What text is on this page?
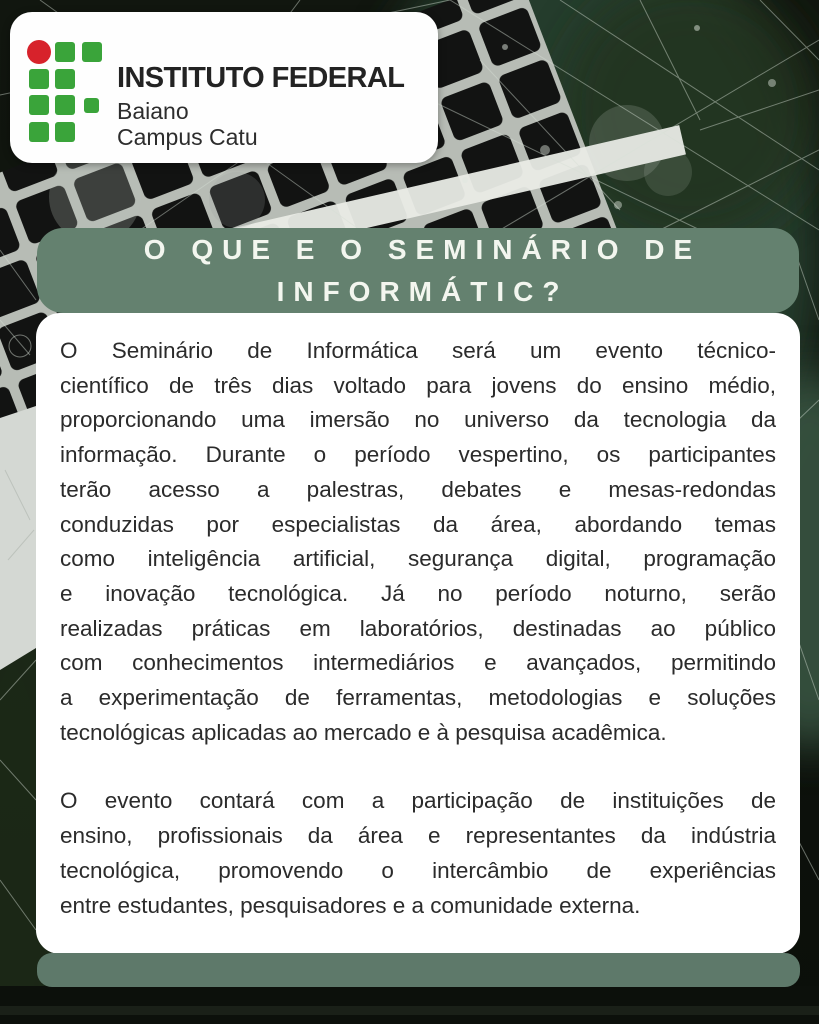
INSTITUTO FEDERAL
Baiano
Campus Catu
O QUE E O SEMINÁRIO DE
INFORMÁTIC?

O Seminário de Informática será um evento técnico-
científico de três dias voltado para jovens do ensino médio,
proporcionando uma imersão no universo da tecnologia da
informação. Durante o período vespertino, os participantes
terão acesso a palestras, debates e mesas-redondas
conduzidas por especialistas da área, abordando temas
como inteligência artificial, segurança digital, programação
e inovação tecnológica. Já no período noturno, serão
realizadas práticas em laboratórios, destinadas ao público
com conhecimentos intermediários e avançados, permitindo
a experimentação de ferramentas, metodologias e soluções
tecnológicas aplicadas ao mercado e à pesquisa acadêmica.

O evento contará com a participação de instituições de
ensino, profissionais da área e representantes da indústria
tecnológica, promovendo o intercâmbio de experiências
entre estudantes, pesquisadores e a comunidade externa.
